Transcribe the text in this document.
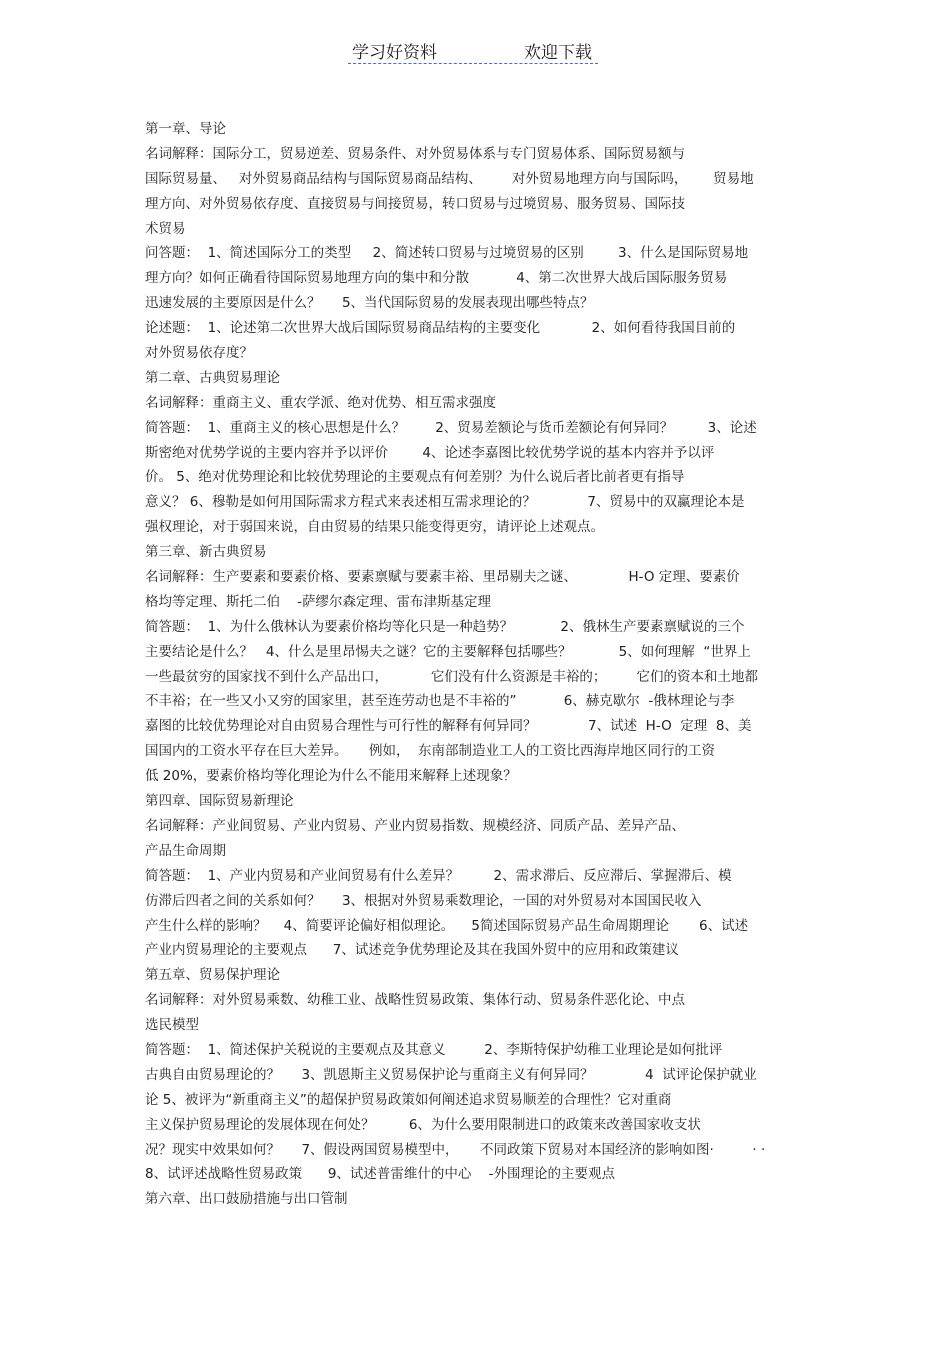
学习好资料	欢迎下载
第一章、导论
名词解释：国际分工，贸易逆差、贸易条件、对外贸易体系与专门贸易体系、国际贸易额与
国际贸易量、   对外贸易商品结构与国际贸易商品结构、       对外贸易地理方向与国际吗，      贸易地
理方向、对外贸易依存度、直接贸易与间接贸易，转口贸易与过境贸易、服务贸易、国际技
术贸易
问答题：  1、简述国际分工的类型     2、简述转口贸易与过境贸易的区别        3、什么是国际贸易地
理方向？如何正确看待国际贸易地理方向的集中和分散           4、第二次世界大战后国际服务贸易
迅速发展的主要原因是什么？     5、当代国际贸易的发展表现出哪些特点？
论述题：  1、论述第二次世界大战后国际贸易商品结构的主要变化            2、如何看待我国目前的
对外贸易依存度？
第二章、古典贸易理论
名词解释：重商主义、重农学派、绝对优势、相互需求强度
简答题：  1、重商主义的核心思想是什么？       2、贸易差额论与货币差额论有何异同？        3、论述
斯密绝对优势学说的主要内容并予以评价        4、论述李嘉图比较优势学说的基本内容并予以评
价。 5、绝对优势理论和比较优势理论的主要观点有何差别？为什么说后者比前者更有指导
意义？ 6、穆勒是如何用国际需求方程式来表述相互需求理论的？            7、贸易中的双赢理论本是
强权理论，对于弱国来说，自由贸易的结果只能变得更穷，请评论上述观点。
第三章、新古典贸易
名词解释：生产要素和要素价格、要素禀赋与要素丰裕、里昂剔夫之谜、            H-O 定理、要素价
格均等定理、斯托二伯    -萨缪尔森定理、雷布津斯基定理
简答题：  1、为什么俄林认为要素价格均等化只是一种趋势？           2、俄林生产要素禀赋说的三个
主要结论是什么？   4、什么是里昂惕夫之谜？它的主要解释包括哪些？           5、如何理解  “世界上
一些最贫穷的国家找不到什么产品出口，          它们没有什么资源是丰裕的；       它们的资本和土地都
不丰裕；在一些又小又穷的国家里，甚至连劳动也是不丰裕的”           6、赫克歇尔  -俄林理论与李
嘉图的比较优势理论对自由贸易合理性与可行性的解释有何异同？            7、试述  H-O  定理  8、美
国国内的工资水平存在巨大差异。     例如，  东南部制造业工人的工资比西海岸地区同行的工资
低 20%，要素价格均等化理论为什么不能用来解释上述现象？
第四章、国际贸易新理论
名词解释：产业间贸易、产业内贸易、产业内贸易指数、规模经济、同质产品、差异产品、
产品生命周期
简答题：  1、产业内贸易和产业间贸易有什么差异？        2、需求滞后、反应滞后、掌握滞后、模
仿滞后四者之间的关系如何？     3、根据对外贸易乘数理论，一国的对外贸易对本国国民收入
产生什么样的影响？    4、简要评论偏好相似理论。    5简述国际贸易产品生命周期理论       6、试述
产业内贸易理论的主要观点      7、试述竞争优势理论及其在我国外贸中的应用和政策建议
第五章、贸易保护理论
名词解释：对外贸易乘数、幼稚工业、战略性贸易政策、集体行动、贸易条件恶化论、中点
选民模型
简答题：  1、简述保护关税说的主要观点及其意义         2、李斯特保护幼稚工业理论是如何批评
古典自由贸易理论的？     3、凯恩斯主义贸易保护论与重商主义有何异同？            4  试评论保护就业
论 5、被评为“新重商主义”的超保护贸易政策如何阐述追求贸易顺差的合理性？它对重商
主义保护贸易理论的发展体现在何处？        6、为什么要用限制进口的政策来改善国家收支状
况？现实中效果如何？     7、假设两国贸易模型中，     不同政策下贸易对本国经济的影响如图·         · ·
8、试评述战略性贸易政策      9、试述普雷维什的中心    -外围理论的主要观点
第六章、出口鼓励措施与出口管制
